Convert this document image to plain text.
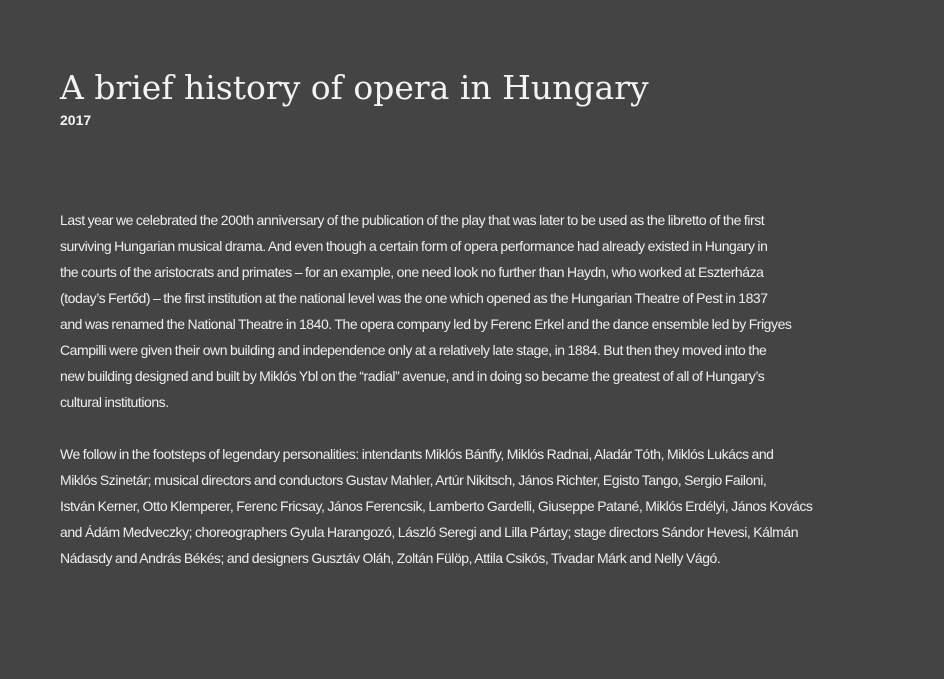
A brief history of opera in Hungary
2017

Last year we celebrated the 200th anniversary of the publication of the play that was later to be used as the libretto of the first
surviving Hungarian musical drama. And even though a certain form of opera performance had already existed in Hungary in
the courts of the aristocrats and primates – for an example, one need look no further than Haydn, who worked at Eszterháza
(today’s Fertőd) – the first institution at the national level was the one which opened as the Hungarian Theatre of Pest in 1837
and was renamed the National Theatre in 1840. The opera company led by Ferenc Erkel and the dance ensemble led by Frigyes
Campilli were given their own building and independence only at a relatively late stage, in 1884. But then they moved into the
new building designed and built by Miklós Ybl on the “radial” avenue, and in doing so became the greatest of all of Hungary’s
cultural institutions.

We follow in the footsteps of legendary personalities: intendants Miklós Bánffy, Miklós Radnai, Aladár Tóth, Miklós Lukács and
Miklós Szinetár; musical directors and conductors Gustav Mahler, Artúr Nikitsch, János Richter, Egisto Tango, Sergio Failoni,
István Kerner, Otto Klemperer, Ferenc Fricsay, János Ferencsik, Lamberto Gardelli, Giuseppe Patané, Miklós Erdélyi, János Kovács
and Ádám Medveczky; choreographers Gyula Harangozó, László Seregi and Lilla Pártay; stage directors Sándor Hevesi, Kálmán
Nádasdy and András Békés; and designers Gusztáv Oláh, Zoltán Fülöp, Attila Csikós, Tivadar Márk and Nelly Vágó.
